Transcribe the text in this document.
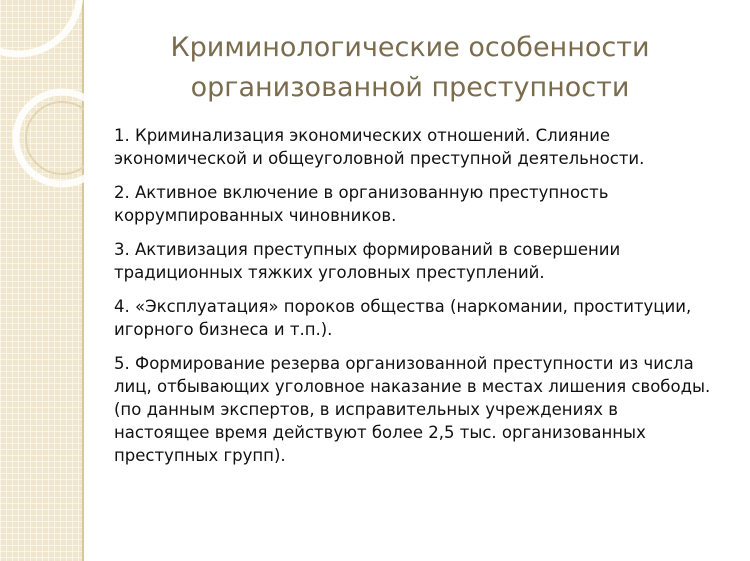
Криминологические особенности
организованной преступности
1. Криминализация экономических отношений. Слияние
экономической и общеуголовной преступной деятельности.
2. Активное включение в организованную преступность
коррумпированных чиновников.
3. Активизация преступных формирований в совершении
традиционных тяжких уголовных преступлений.
4. «Эксплуатация» пороков общества (наркомании, проституции,
игорного бизнеса и т.п.).
5. Формирование резерва организованной преступности из числа
лиц, отбывающих уголовное наказание в местах лишения свободы.
(по данным экспертов, в исправительных учреждениях в
настоящее время действуют более 2,5 тыс. организованных
преступных групп).
